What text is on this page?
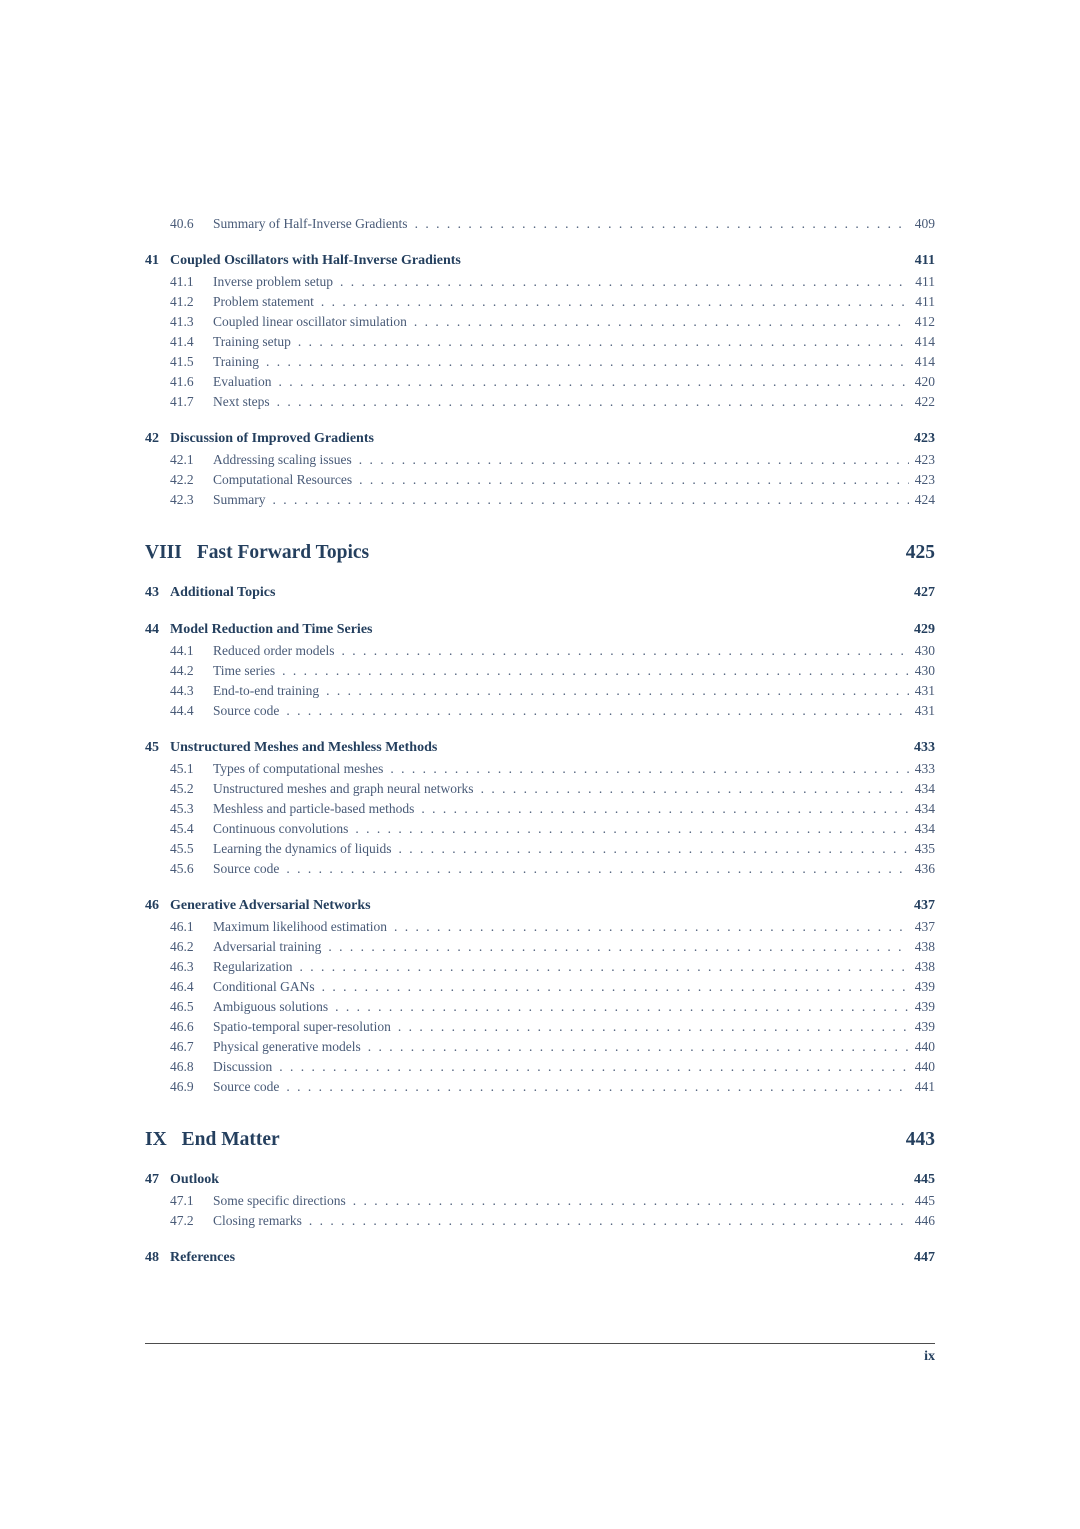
40.6	Summary of Half-Inverse Gradients . . .	409
41 Coupled Oscillators with Half-Inverse Gradients	411
41.1	Inverse problem setup . . .	411
41.2	Problem statement . . .	411
41.3	Coupled linear oscillator simulation . . .	412
41.4	Training setup . . .	414
41.5	Training . . .	414
41.6	Evaluation . . .	420
41.7	Next steps . . .	422
42 Discussion of Improved Gradients	423
42.1	Addressing scaling issues . . .	423
42.2	Computational Resources . . .	423
42.3	Summary . . .	424
VIII Fast Forward Topics	425
43 Additional Topics	427
44 Model Reduction and Time Series	429
44.1	Reduced order models . . .	430
44.2	Time series . . .	430
44.3	End-to-end training . . .	431
44.4	Source code . . .	431
45 Unstructured Meshes and Meshless Methods	433
45.1	Types of computational meshes . . .	433
45.2	Unstructured meshes and graph neural networks . . .	434
45.3	Meshless and particle-based methods . . .	434
45.4	Continuous convolutions . . .	434
45.5	Learning the dynamics of liquids . . .	435
45.6	Source code . . .	436
46 Generative Adversarial Networks	437
46.1	Maximum likelihood estimation . . .	437
46.2	Adversarial training . . .	438
46.3	Regularization . . .	438
46.4	Conditional GANs . . .	439
46.5	Ambiguous solutions . . .	439
46.6	Spatio-temporal super-resolution . . .	439
46.7	Physical generative models . . .	440
46.8	Discussion . . .	440
46.9	Source code . . .	441
IX End Matter	443
47 Outlook	445
47.1	Some specific directions . . .	445
47.2	Closing remarks . . .	446
48 References	447
ix
